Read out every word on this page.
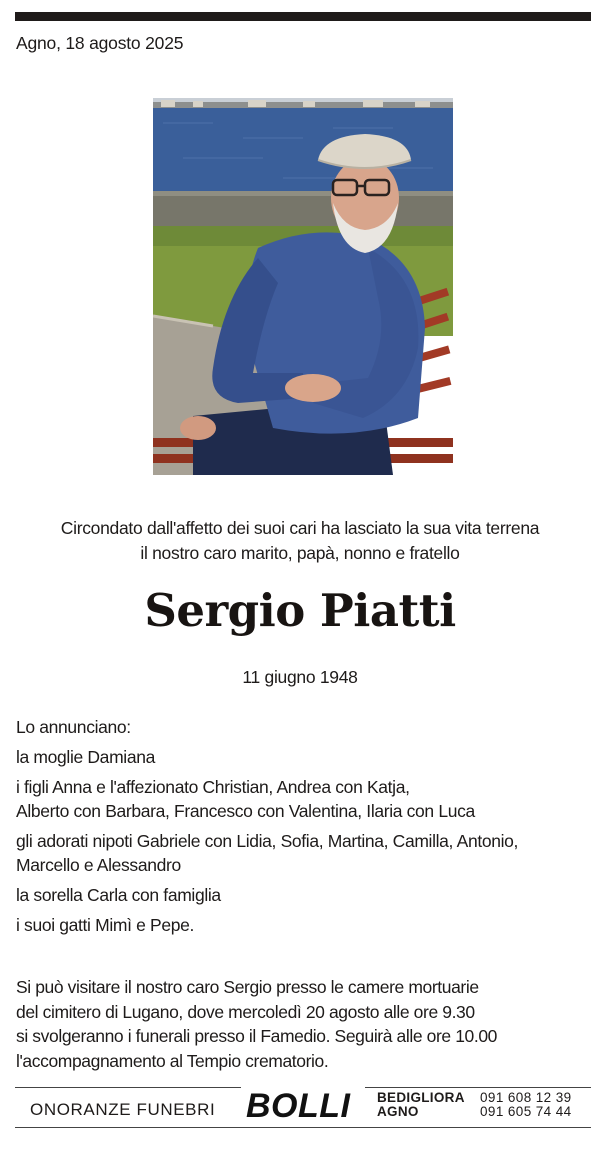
Agno, 18 agosto 2025
Circondato dall'affetto dei suoi cari ha lasciato la sua vita terrena
il nostro caro marito, papà, nonno e fratello
Sergio Piatti
11 giugno 1948

Lo annunciano:

la moglie Damiana

i figli Anna e l'affezionato Christian, Andrea con Katja,
Alberto con Barbara, Francesco con Valentina, Ilaria con Luca

gli adorati nipoti Gabriele con Lidia, Sofia, Martina, Camilla, Antonio,
Marcello e Alessandro

la sorella Carla con famiglia

i suoi gatti Mimì e Pepe.

Si può visitare il nostro caro Sergio presso le camere mortuarie
del cimitero di Lugano, dove mercoledì 20 agosto alle ore 9.30
si svolgeranno i funerali presso il Famedio. Seguirà alle ore 10.00
l'accompagnamento al Tempio crematorio.
ONORANZE FUNEBRI BOLLI BEDIGLIORA
AGNO
091 608 12 39
091 605 74 44
